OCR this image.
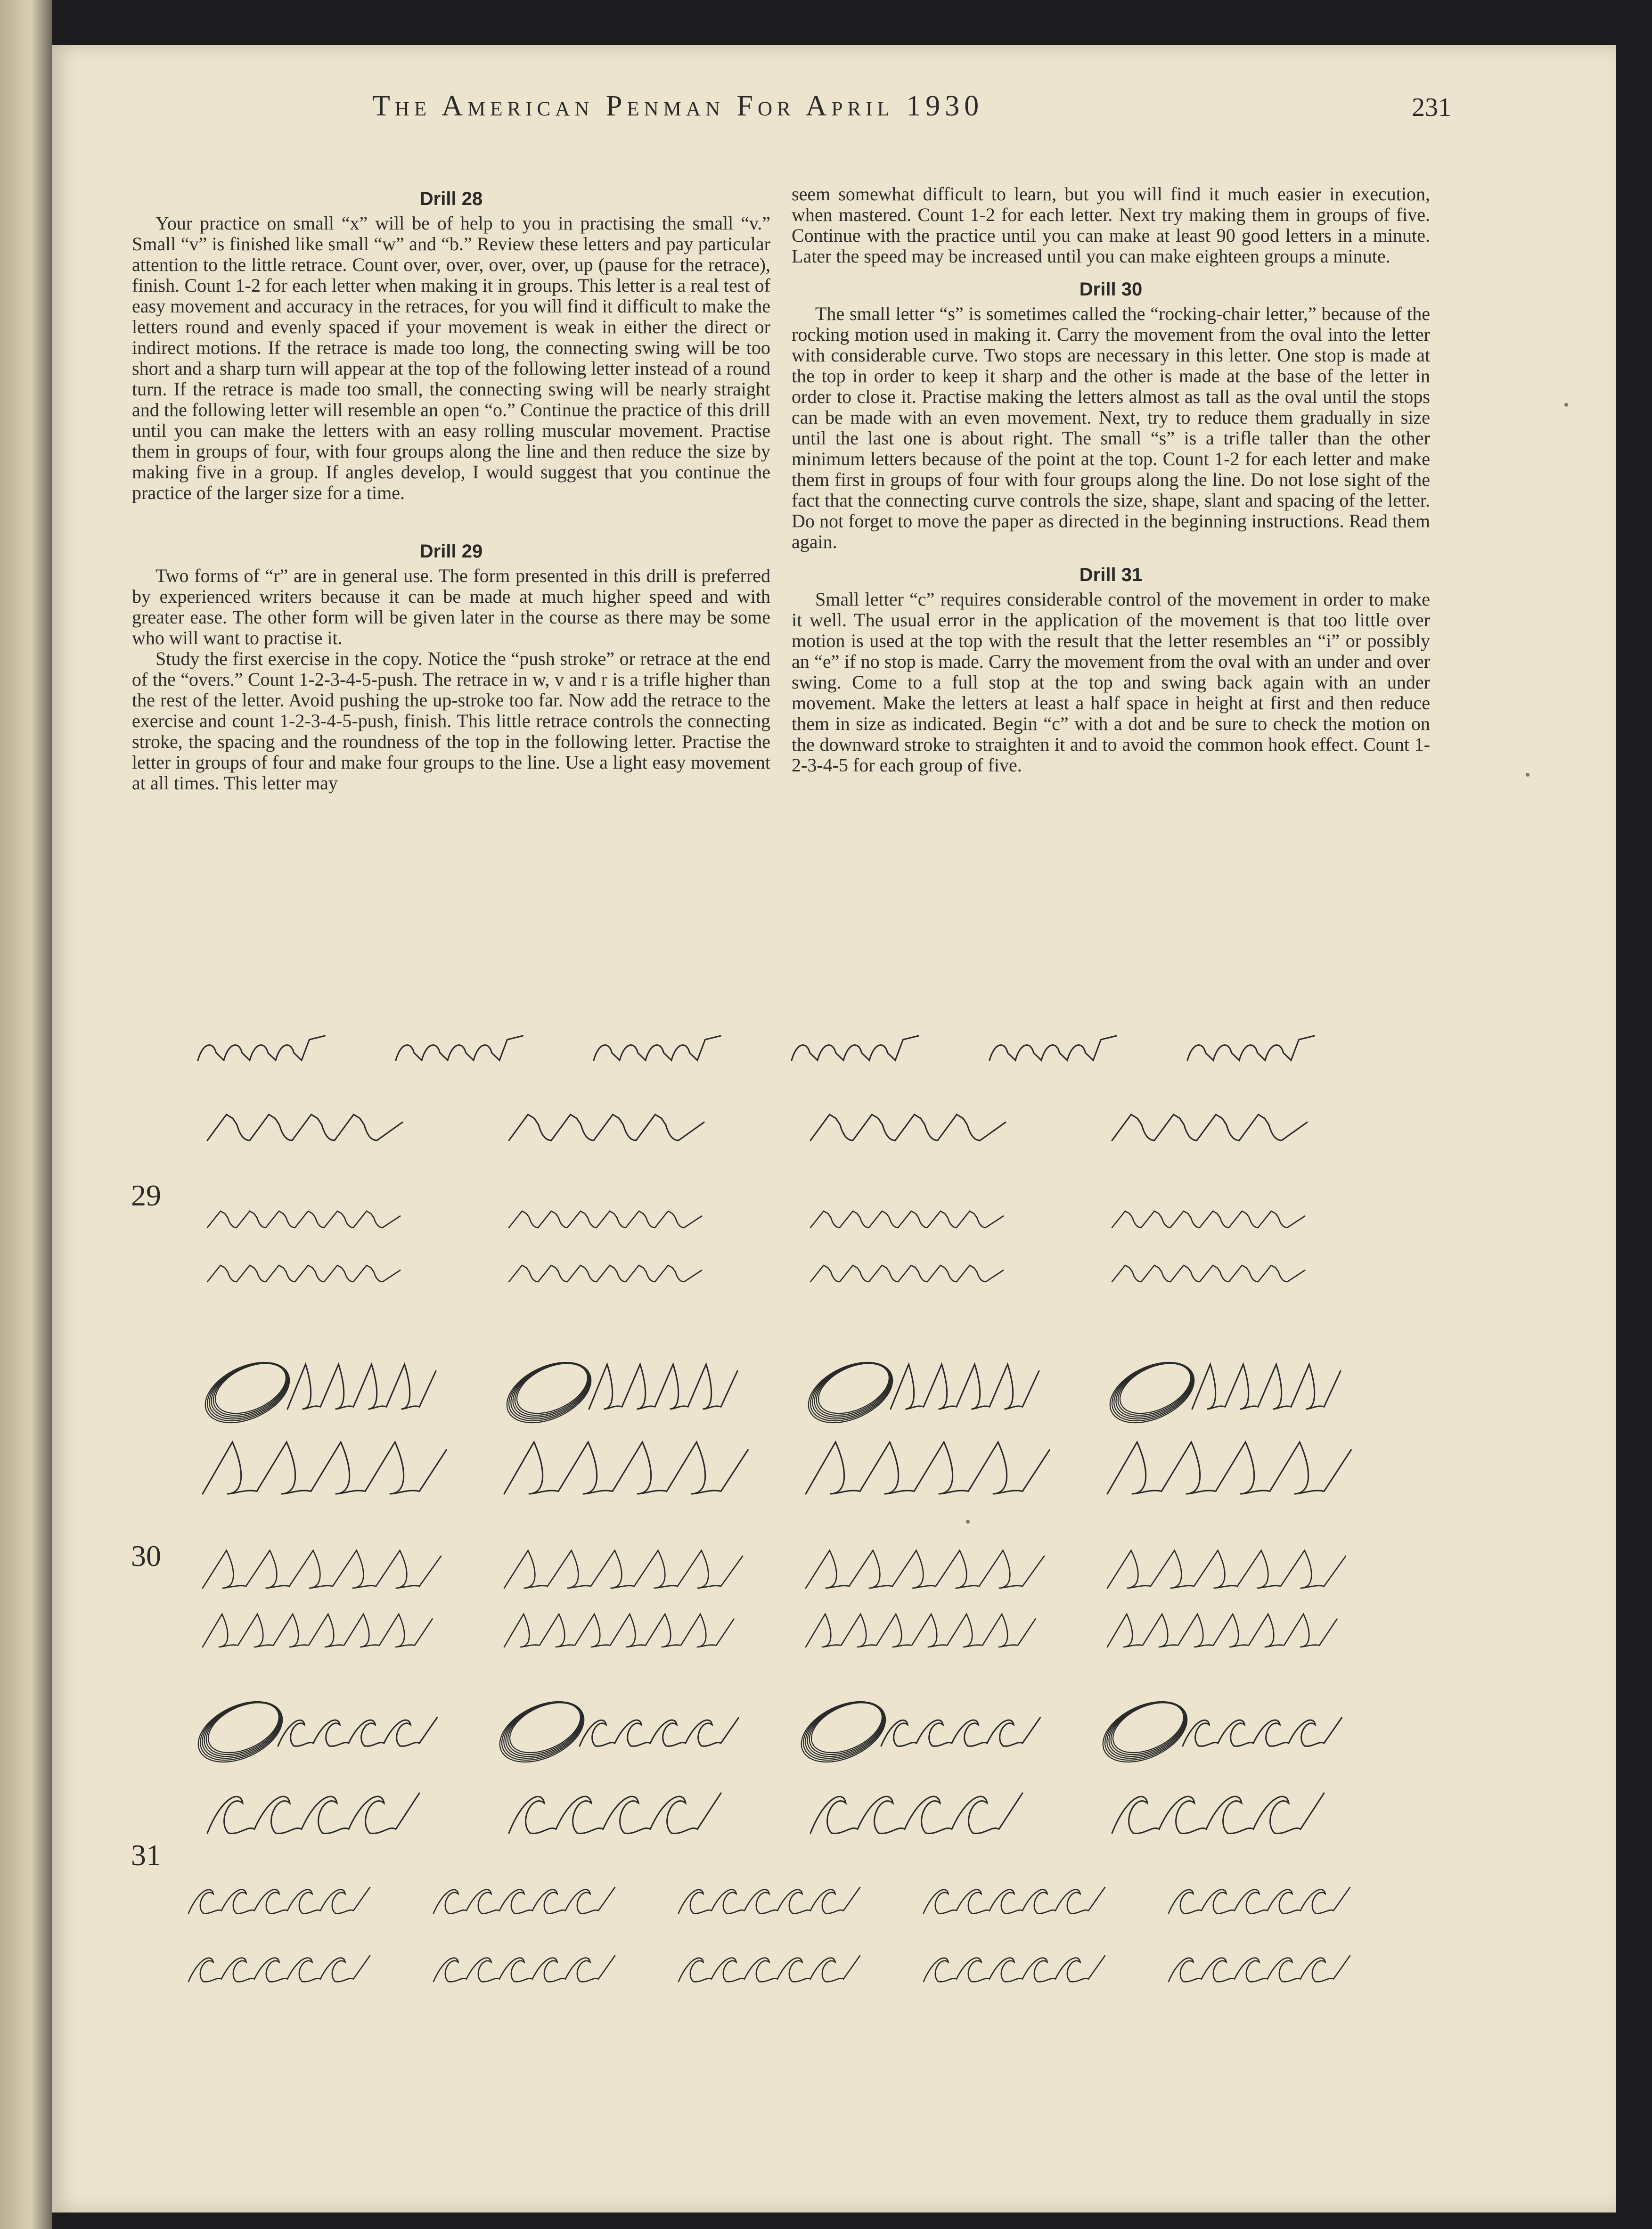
The American Penman For April 1930	231
Drill 28

Your practice on small “x” will be of help to you in practising the small “v.” Small “v” is finished like small “w” and “b.” Review these letters and pay particular attention to the little retrace. Count over, over, over, over, up (pause for the retrace), finish. Count 1-2 for each letter when making it in groups. This letter is a real test of easy movement and accuracy in the retraces, for you will find it difficult to make the letters round and evenly spaced if your movement is weak in either the direct or indirect motions. If the retrace is made too long, the connecting swing will be too short and a sharp turn will appear at the top of the following letter instead of a round turn. If the retrace is made too small, the connecting swing will be nearly straight and the following letter will resemble an open “o.” Continue the practice of this drill until you can make the letters with an easy rolling muscular movement. Practise them in groups of four, with four groups along the line and then reduce the size by making five in a group. If angles develop, I would suggest that you continue the practice of the larger size for a time.

Drill 29

Two forms of “r” are in general use. The form presented in this drill is preferred by experienced writers because it can be made at much higher speed and with greater ease. The other form will be given later in the course as there may be some who will want to practise it.

Study the first exercise in the copy. Notice the “push stroke” or retrace at the end of the “overs.” Count 1-2-3-4-5-push. The retrace in w, v and r is a trifle higher than the rest of the letter. Avoid pushing the up-stroke too far. Now add the retrace to the exercise and count 1-2-3-4-5-push, finish. This little retrace controls the connecting stroke, the spacing and the roundness of the top in the following letter. Practise the letter in groups of four and make four groups to the line. Use a light easy movement at all times. This letter may

seem somewhat difficult to learn, but you will find it much easier in execution, when mastered. Count 1-2 for each letter. Next try making them in groups of five. Continue with the practice until you can make at least 90 good letters in a minute. Later the speed may be increased until you can make eighteen groups a minute.

Drill 30

The small letter “s” is sometimes called the “rocking-chair letter,” because of the rocking motion used in making it. Carry the movement from the oval into the letter with considerable curve. Two stops are necessary in this letter. One stop is made at the top in order to keep it sharp and the other is made at the base of the letter in order to close it. Practise making the letters almost as tall as the oval until the stops can be made with an even movement. Next, try to reduce them gradually in size until the last one is about right. The small “s” is a trifle taller than the other minimum letters because of the point at the top. Count 1-2 for each letter and make them first in groups of four with four groups along the line. Do not lose sight of the fact that the connecting curve controls the size, shape, slant and spacing of the letter. Do not forget to move the paper as directed in the beginning instructions. Read them again.

Drill 31

Small letter “c” requires considerable control of the movement in order to make it well. The usual error in the application of the movement is that too little over motion is used at the top with the result that the letter resembles an “i” or possibly an “e” if no stop is made. Carry the movement from the oval with an under and over swing. Come to a full stop at the top and swing back again with an under movement. Make the letters at least a half space in height at first and then reduce them in size as indicated. Begin “c” with a dot and be sure to check the motion on the downward stroke to straighten it and to avoid the common hook effect. Count 1-2-3-4-5 for each group of five.

29
30
31
